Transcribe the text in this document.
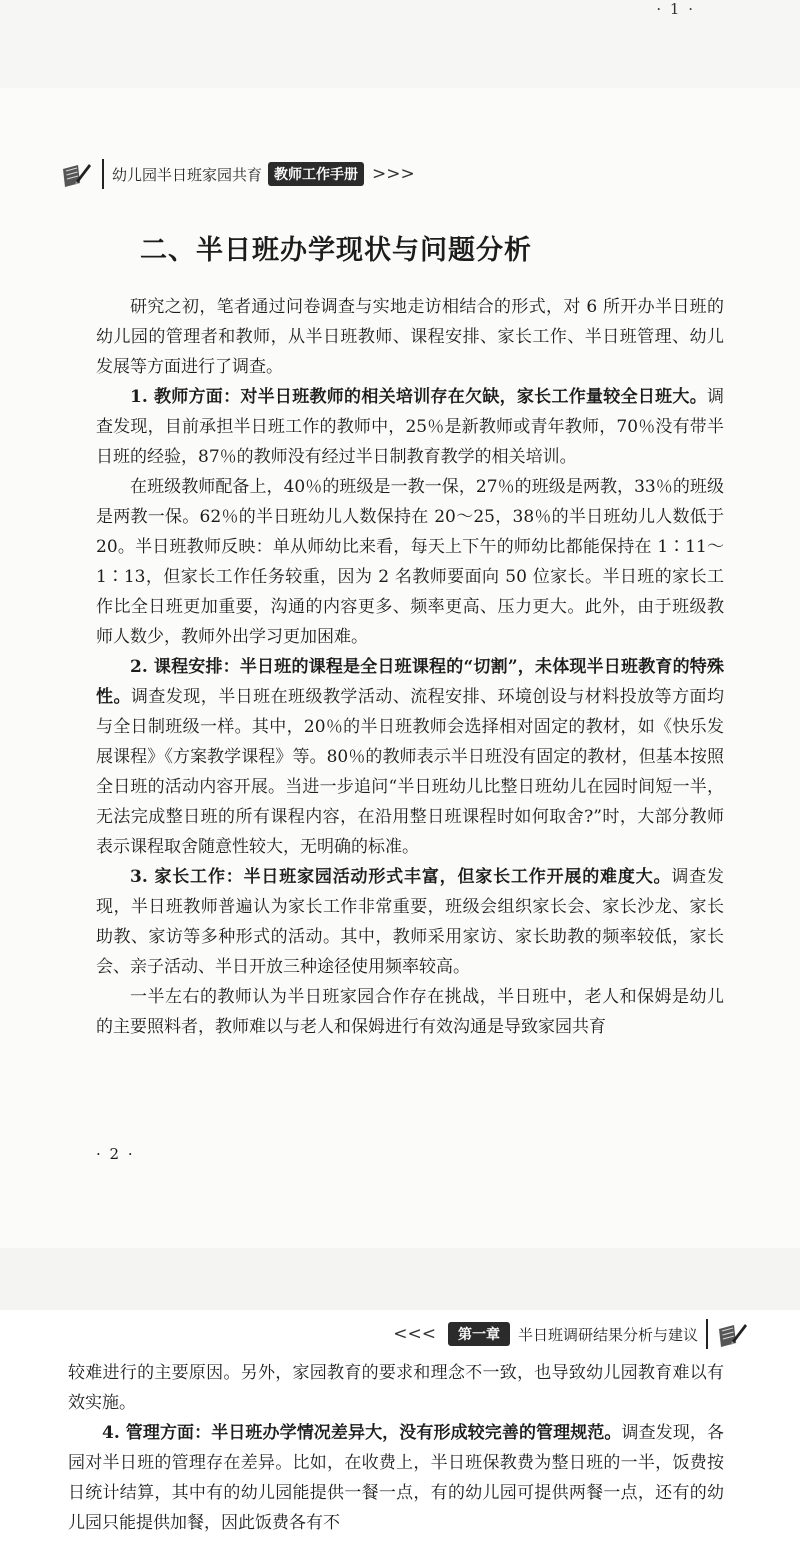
· 1 ·
幼儿园半日班家园共育 教师工作手册 >>>
二、半日班办学现状与问题分析

研究之初，笔者通过问卷调查与实地走访相结合的形式，对 6 所开办半日班的幼儿园的管理者和教师，从半日班教师、课程安排、家长工作、半日班管理、幼儿发展等方面进行了调查。

1. 教师方面：对半日班教师的相关培训存在欠缺，家长工作量较全日班大。调查发现，目前承担半日班工作的教师中，25％是新教师或青年教师，70％没有带半日班的经验，87％的教师没有经过半日制教育教学的相关培训。

在班级教师配备上，40％的班级是一教一保，27％的班级是两教，33％的班级是两教一保。62％的半日班幼儿人数保持在 20～25，38％的半日班幼儿人数低于 20。半日班教师反映：单从师幼比来看，每天上下午的师幼比都能保持在 1∶11～1∶13，但家长工作任务较重，因为 2 名教师要面向 50 位家长。半日班的家长工作比全日班更加重要，沟通的内容更多、频率更高、压力更大。此外，由于班级教师人数少，教师外出学习更加困难。

2. 课程安排：半日班的课程是全日班课程的“切割”，未体现半日班教育的特殊性。调查发现，半日班在班级教学活动、流程安排、环境创设与材料投放等方面均与全日制班级一样。其中，20％的半日班教师会选择相对固定的教材，如《快乐发展课程》《方案教学课程》等。80％的教师表示半日班没有固定的教材，但基本按照全日班的活动内容开展。当进一步追问“半日班幼儿比整日班幼儿在园时间短一半，无法完成整日班的所有课程内容，在沿用整日班课程时如何取舍?”时，大部分教师表示课程取舍随意性较大，无明确的标准。

3. 家长工作：半日班家园活动形式丰富，但家长工作开展的难度大。调查发现，半日班教师普遍认为家长工作非常重要，班级会组织家长会、家长沙龙、家长助教、家访等多种形式的活动。其中，教师采用家访、家长助教的频率较低，家长会、亲子活动、半日开放三种途径使用频率较高。

一半左右的教师认为半日班家园合作存在挑战，半日班中，老人和保姆是幼儿的主要照料者，教师难以与老人和保姆进行有效沟通是导致家园共育

· 2 ·
<<<	第一章	半日班调研结果分析与建议

较难进行的主要原因。另外，家园教育的要求和理念不一致，也导致幼儿园教育难以有效实施。

4. 管理方面：半日班办学情况差异大，没有形成较完善的管理规范。调查发现，各园对半日班的管理存在差异。比如，在收费上，半日班保教费为整日班的一半，饭费按日统计结算，其中有的幼儿园能提供一餐一点，有的幼儿园可提供两餐一点，还有的幼儿园只能提供加餐，因此饭费各有不
